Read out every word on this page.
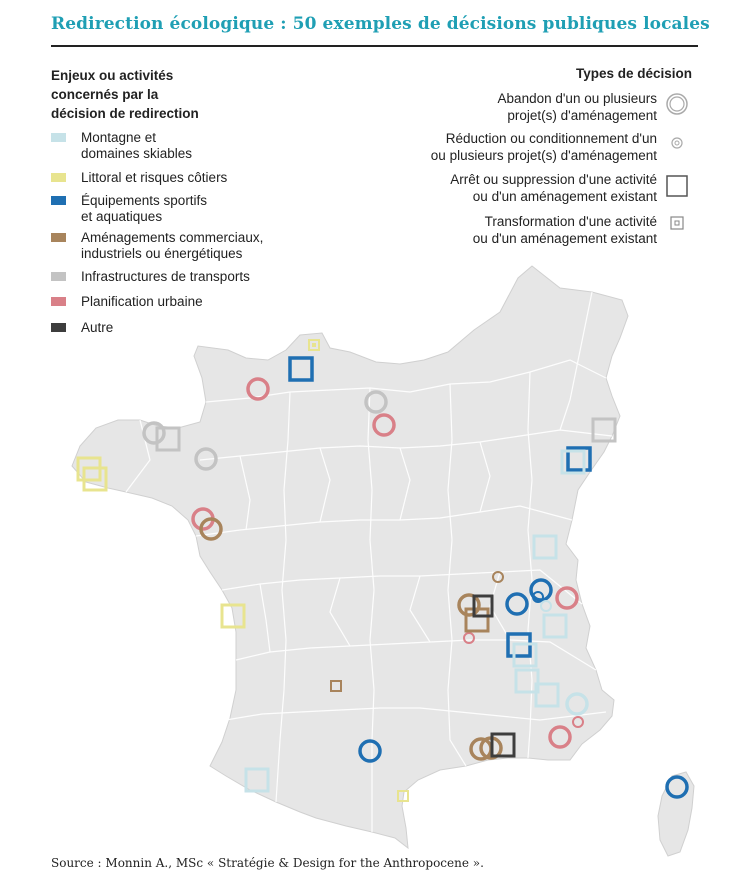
Redirection écologique : 50 exemples de décisions publiques locales
Enjeux ou activités
concernés par la
décision de redirection
Montagne et
domaines skiables
Littoral et risques côtiers
Équipements sportifs
et aquatiques
Aménagements commerciaux,
industriels ou énergétiques
Infrastructures de transports
Planification urbaine
Autre
Types de décision
Abandon d'un ou plusieurs
projet(s) d'aménagement
Réduction ou conditionnement d'un
ou plusieurs projet(s) d'aménagement
Arrêt ou suppression d'une activité
ou d'un aménagement existant
Transformation d'une activité
ou d'un aménagement existant
Source : Monnin A., MSc « Stratégie & Design for the Anthropocene ».
